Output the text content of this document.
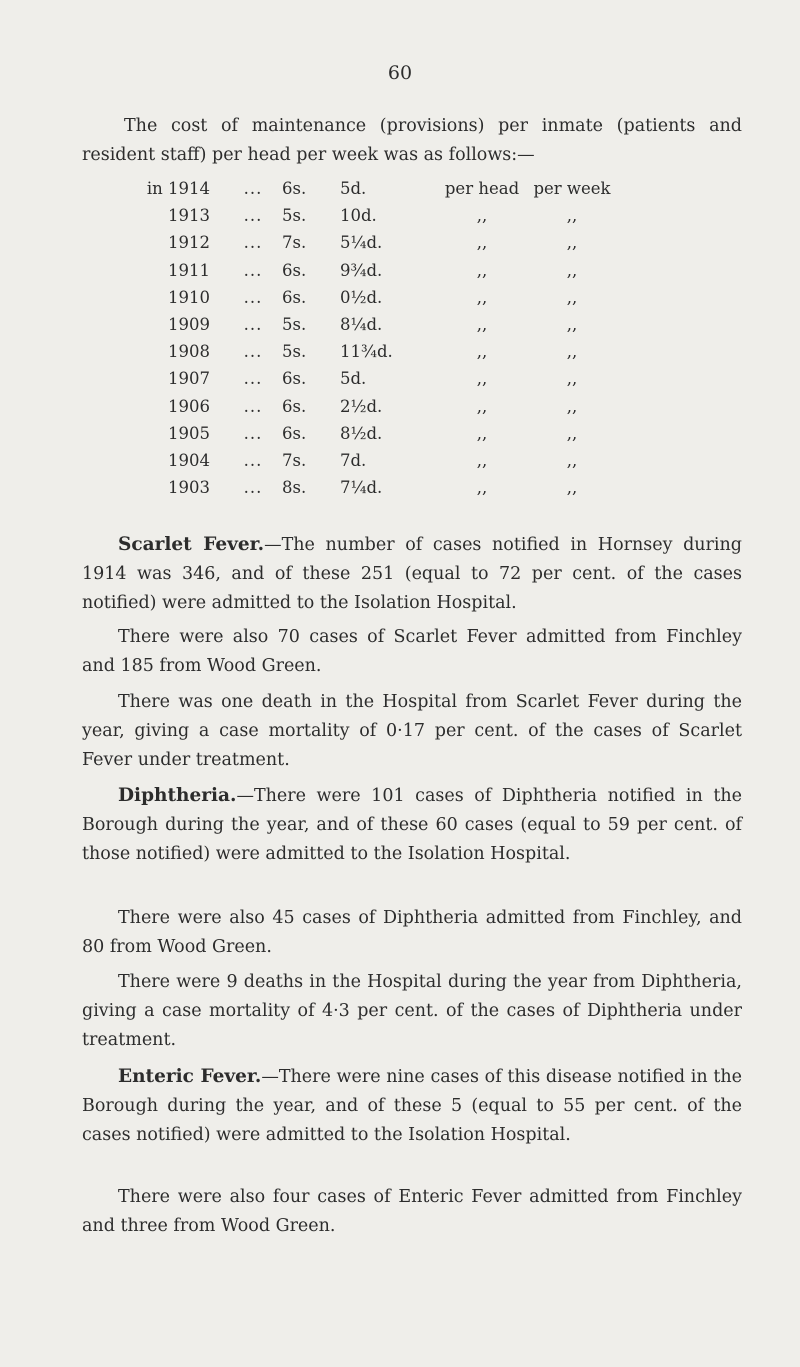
60

The cost of maintenance (provisions) per inmate (patients and resident staff) per head per week was as follows:—

in 1914	...	6s.	5d.	per head	per week
1913	...	5s.	10d.	,,	,,
1912	...	7s.	5¼d.	,,	,,
1911	...	6s.	9¾d.	,,	,,
1910	...	6s.	0½d.	,,	,,
1909	...	5s.	8¼d.	,,	,,
1908	...	5s.	11¾d.	,,	,,
1907	...	6s.	5d.	,,	,,
1906	...	6s.	2½d.	,,	,,
1905	...	6s.	8½d.	,,	,,
1904	...	7s.	7d.	,,	,,
1903	...	8s.	7¼d.	,,	,,

Scarlet Fever.—The number of cases notified in Hornsey during 1914 was 346, and of these 251 (equal to 72 per cent. of the cases notified) were admitted to the Isolation Hospital.

There were also 70 cases of Scarlet Fever admitted from Finchley and 185 from Wood Green.

There was one death in the Hospital from Scarlet Fever during the year, giving a case mortality of 0·17 per cent. of the cases of Scarlet Fever under treatment.

Diphtheria.—There were 101 cases of Diphtheria notified in the Borough during the year, and of these 60 cases (equal to 59 per cent. of those notified) were admitted to the Isolation Hospital.

There were also 45 cases of Diphtheria admitted from Finchley, and 80 from Wood Green.

There were 9 deaths in the Hospital during the year from Diphtheria, giving a case mortality of 4·3 per cent. of the cases of Diphtheria under treatment.

Enteric Fever.—There were nine cases of this disease notified in the Borough during the year, and of these 5 (equal to 55 per cent. of the cases notified) were admitted to the Isolation Hospital.

There were also four cases of Enteric Fever admitted from Finchley and three from Wood Green.
